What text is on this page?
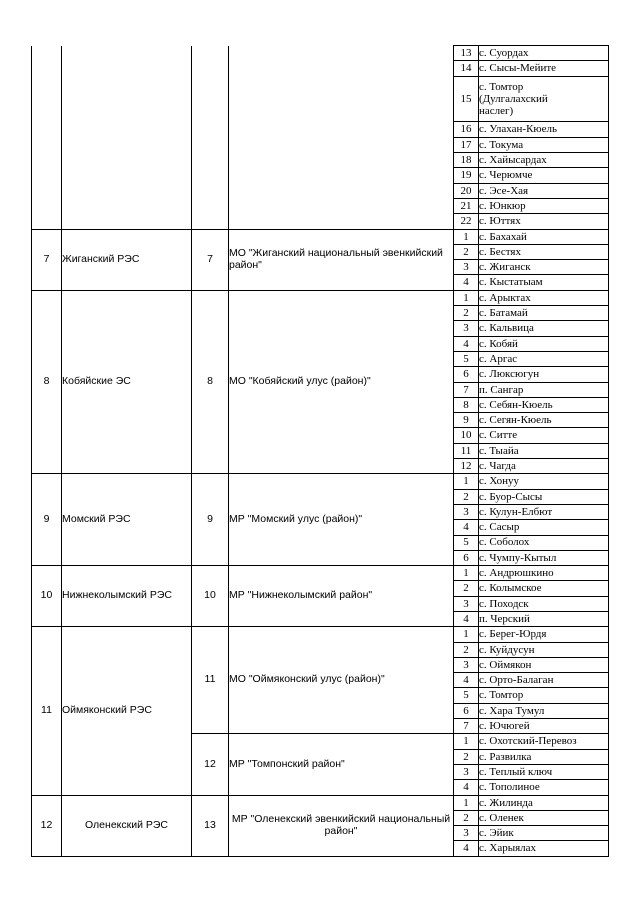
				13	с. Суордах
				14	с. Сысы-Мейите
				15	с. Томтор
(Дулгалахский
наслег)

				16	с. Улахан-Кюель
				17	с. Токума
				18	с. Хайысардах
				19	с. Черюмче
				20	с. Эсе-Хая
				21	с. Юнкюр
				22	с. Юттях
7	Жиганский РЭС	7	МО "Жиганский национальный эвенкийский район"	1	с. Бахахай
				2	с. Бестях
				3	с. Жиганск
				4	с. Кыстатыам
8	Кобяйские ЭС	8	МО "Кобяйский улус (район)"	1	с. Арыктах
				2	с. Батамай
				3	с. Кальвица
				4	с. Кобяй
				5	с. Аргас
				6	с. Люксюгун
				7	п. Сангар
				8	с. Себян-Кюель
				9	с. Сегян-Кюель
				10	с. Ситте
				11	с. Тыайа
				12	с. Чагда
9	Момский РЭС	9	МР "Момский улус (район)"	1	с. Хонуу
				2	с. Буор-Сысы
				3	с. Кулун-Елбют
				4	с. Сасыр
				5	с. Соболох
				6	с. Чумпу-Кытыл
10	Нижнеколымский РЭС	10	МР "Нижнеколымский район"	1	с. Андрюшкино
				2	с. Колымское
				3	с. Походск
				4	п. Черский
11	Оймяконский РЭС	11	МО "Оймяконский улус (район)"	1	с. Берег-Юрдя
				2	с. Куйдусун
				3	с. Оймякон
				4	с. Орто-Балаган
				5	с. Томтор
				6	с. Хара Тумул
				7	с. Ючюгей
		12	МР "Томпонский район"	1	с. Охотский-Перевоз
				2	с. Развилка
				3	с. Теплый ключ
				4	с. Тополиное
12	Оленекский РЭС	13	МР "Оленекский эвенкийский национальный район"	1	с. Жилинда
				2	с. Оленек
				3	с. Эйик
				4	с. Харыялах
